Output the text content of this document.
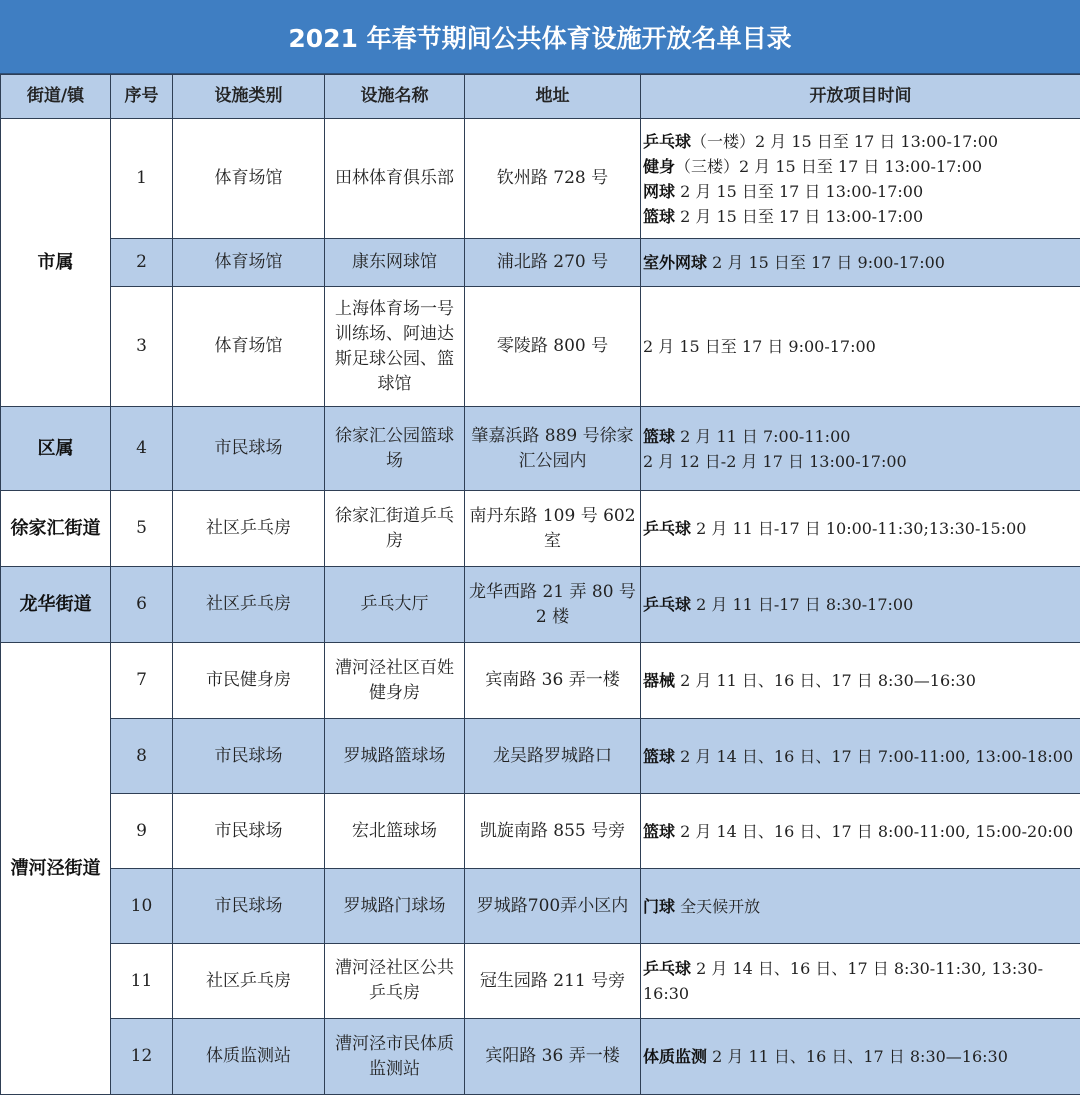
2021 年春节期间公共体育设施开放名单目录
街道/镇	序号	设施类别	设施名称	地址	开放项目时间
市属	1	体育场馆	田林体育俱乐部	钦州路 728 号	乒乓球（一楼）2 月 15 日至 17 日 13:00-17:00
健身（三楼）2 月 15 日至 17 日 13:00-17:00
网球 2 月 15 日至 17 日 13:00-17:00
篮球 2 月 15 日至 17 日 13:00-17:00

	2	体育场馆	康东网球馆	浦北路 270 号	室外网球 2 月 15 日至 17 日 9:00-17:00
	3	体育场馆	上海体育场一号训练场、阿迪达斯足球公园、篮球馆	零陵路 800 号	2 月 15 日至 17 日 9:00-17:00
区属	4	市民球场	徐家汇公园篮球场	肇嘉浜路 889 号徐家汇公园内	篮球 2 月 11 日 7:00-11:00
2 月 12 日-2 月 17 日 13:00-17:00

徐家汇街道	5	社区乒乓房	徐家汇街道乒乓房	南丹东路 109 号 602 室	乒乓球 2 月 11 日-17 日 10:00-11:30;13:30-15:00
龙华街道	6	社区乒乓房	乒乓大厅	龙华西路 21 弄 80 号 2 楼	乒乓球 2 月 11 日-17 日 8:30-17:00
漕河泾街道	7	市民健身房	漕河泾社区百姓健身房	宾南路 36 弄一楼	器械 2 月 11 日、16 日、17 日 8:30—16:30
	8	市民球场	罗城路篮球场	龙吴路罗城路口	篮球 2 月 14 日、16 日、17 日 7:00-11:00, 13:00-18:00
	9	市民球场	宏北篮球场	凯旋南路 855 号旁	篮球 2 月 14 日、16 日、17 日 8:00-11:00, 15:00-20:00
	10	市民球场	罗城路门球场	罗城路700弄小区内	门球 全天候开放
	11	社区乒乓房	漕河泾社区公共乒乓房	冠生园路 211 号旁	乒乓球 2 月 14 日、16 日、17 日 8:30-11:30, 13:30-16:30
	12	体质监测站	漕河泾市民体质监测站	宾阳路 36 弄一楼	体质监测 2 月 11 日、16 日、17 日 8:30—16:30
